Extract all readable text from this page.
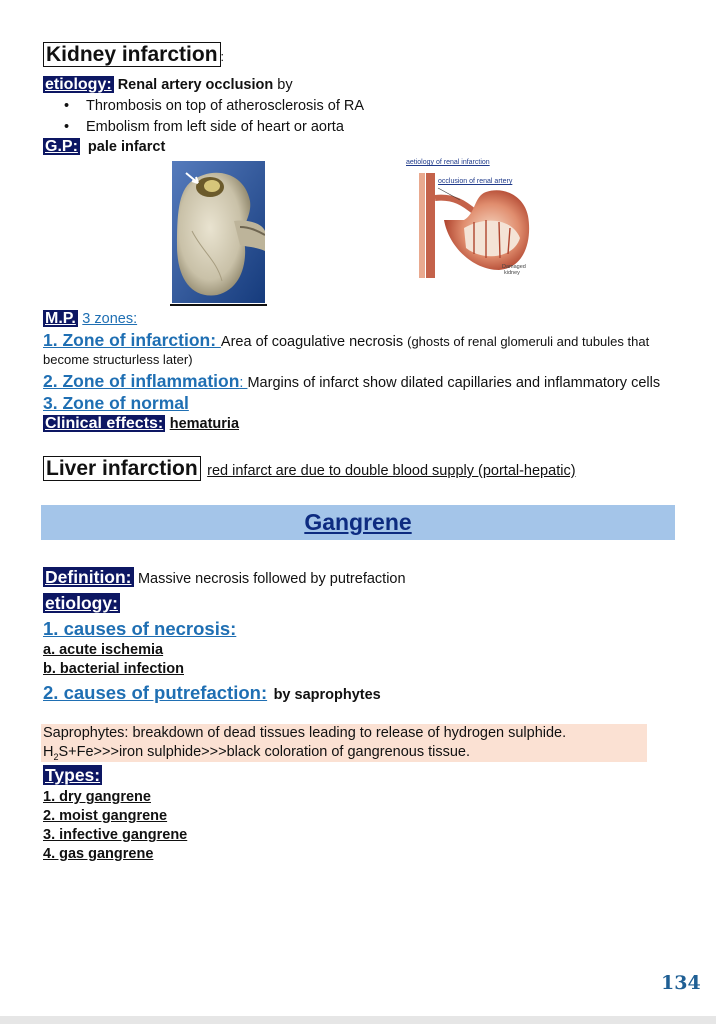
Kidney infarction :
etiology: Renal artery occlusion by
• Thrombosis on top of atherosclerosis of RA
• Embolism from left side of heart or aorta
G.P: pale infarct
aetiology of renal infarction
occlusion of renal artery
Damaged
kidney
M.P. 3 zones:
1. Zone of infarction: Area of coagulative necrosis (ghosts of renal glomeruli and tubules that
become structurless later)
2. Zone of inflammation: Margins of infarct show dilated capillaries and inflammatory cells
3. Zone of normal
Clinical effects: hematuria
Liver infarction red infarct are due to double blood supply (portal-hepatic)
Gangrene
Definition: Massive necrosis followed by putrefaction
etiology:
1. causes of necrosis:
a. acute ischemia
b. bacterial infection
2. causes of putrefaction: by saprophytes
Saprophytes: breakdown of dead tissues leading to release of hydrogen sulphide.
$H_2S+Fe>>>iron$ sulphide>>>black coloration of gangrenous tissue.
Types:
1. dry gangrene
2. moist gangrene
3. infective gangrene
4. gas gangrene
134
